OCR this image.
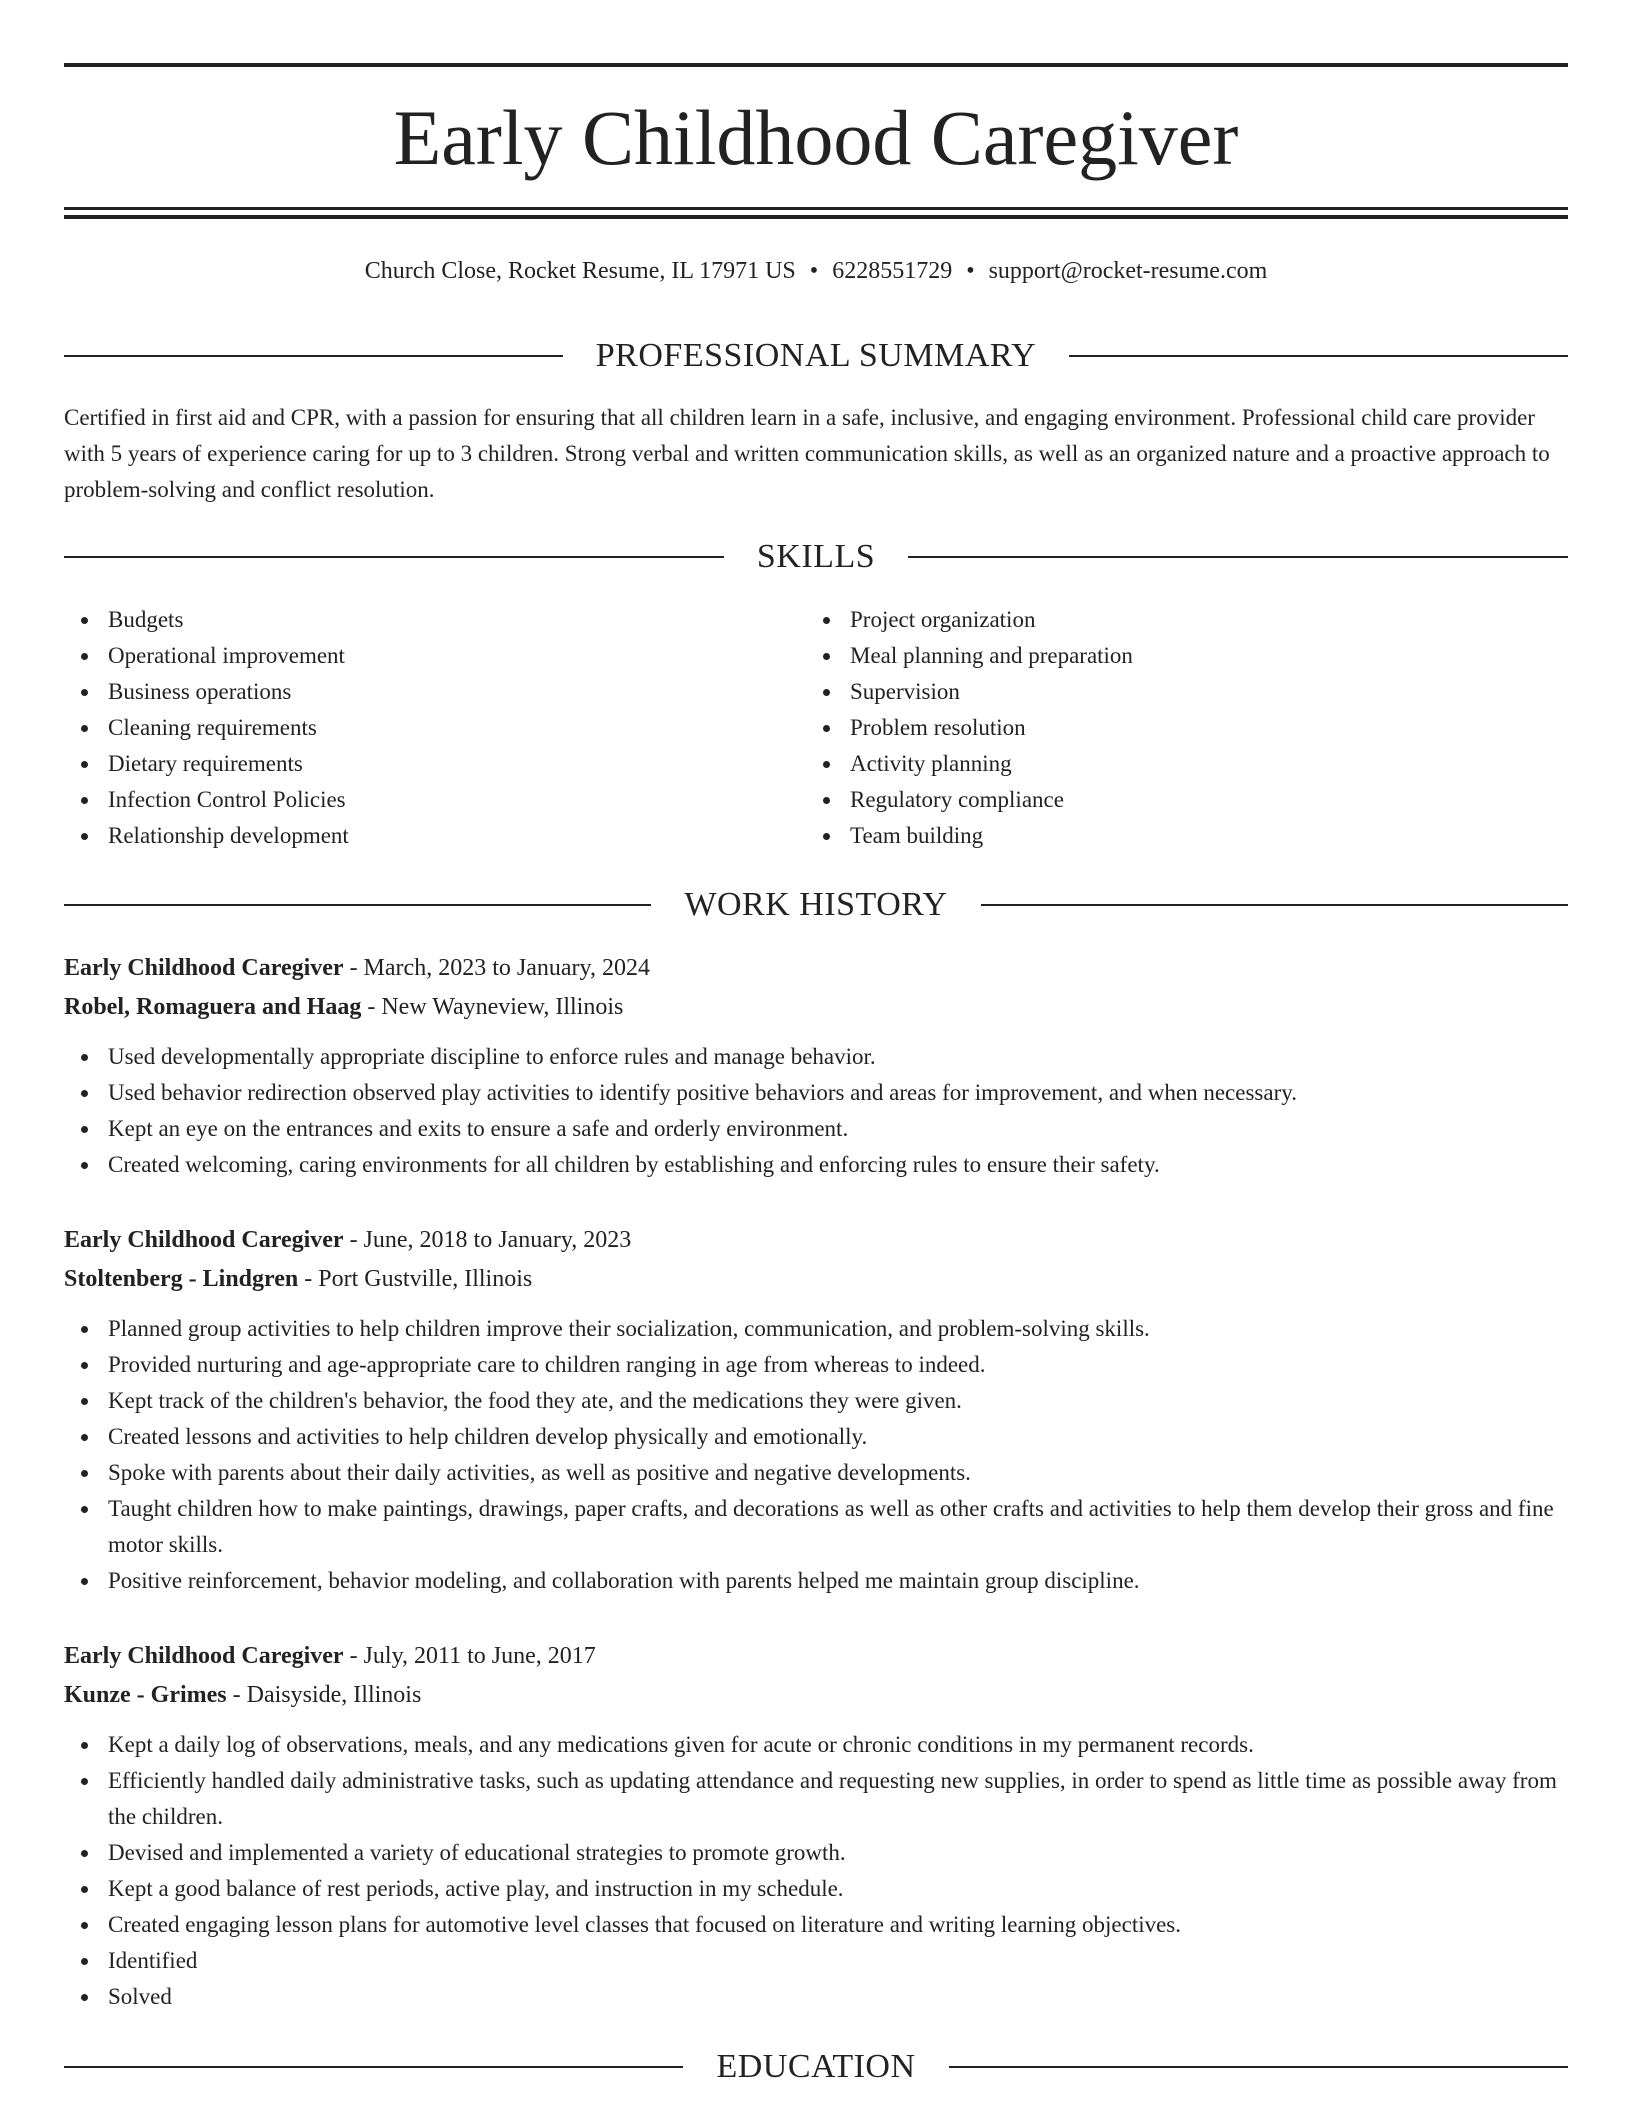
Early Childhood Caregiver
Church Close, Rocket Resume, IL 17971 US • 6228551729 • support@rocket-resume.com
PROFESSIONAL SUMMARY

Certified in first aid and CPR, with a passion for ensuring that all children learn in a safe, inclusive, and engaging environment. Professional child care provider with 5 years of experience caring for up to 3 children. Strong verbal and written communication skills, as well as an organized nature and a proactive approach to problem-solving and conflict resolution.

SKILLS
Budgets
Operational improvement
Business operations
Cleaning requirements
Dietary requirements
Infection Control Policies
Relationship development
Project organization
Meal planning and preparation
Supervision
Problem resolution
Activity planning
Regulatory compliance
Team building
WORK HISTORY
Early Childhood Caregiver - March, 2023 to January, 2024
Robel, Romaguera and Haag - New Wayneview, Illinois
Used developmentally appropriate discipline to enforce rules and manage behavior.
Used behavior redirection observed play activities to identify positive behaviors and areas for improvement, and when necessary.
Kept an eye on the entrances and exits to ensure a safe and orderly environment.
Created welcoming, caring environments for all children by establishing and enforcing rules to ensure their safety.
Early Childhood Caregiver - June, 2018 to January, 2023
Stoltenberg - Lindgren - Port Gustville, Illinois
Planned group activities to help children improve their socialization, communication, and problem-solving skills.
Provided nurturing and age-appropriate care to children ranging in age from whereas to indeed.
Kept track of the children's behavior, the food they ate, and the medications they were given.
Created lessons and activities to help children develop physically and emotionally.
Spoke with parents about their daily activities, as well as positive and negative developments.
Taught children how to make paintings, drawings, paper crafts, and decorations as well as other crafts and activities to help them develop their gross and fine motor skills.
Positive reinforcement, behavior modeling, and collaboration with parents helped me maintain group discipline.
Early Childhood Caregiver - July, 2011 to June, 2017
Kunze - Grimes - Daisyside, Illinois
Kept a daily log of observations, meals, and any medications given for acute or chronic conditions in my permanent records.
Efficiently handled daily administrative tasks, such as updating attendance and requesting new supplies, in order to spend as little time as possible away from the children.
Devised and implemented a variety of educational strategies to promote growth.
Kept a good balance of rest periods, active play, and instruction in my schedule.
Created engaging lesson plans for automotive level classes that focused on literature and writing learning objectives.
Identified
Solved
EDUCATION
